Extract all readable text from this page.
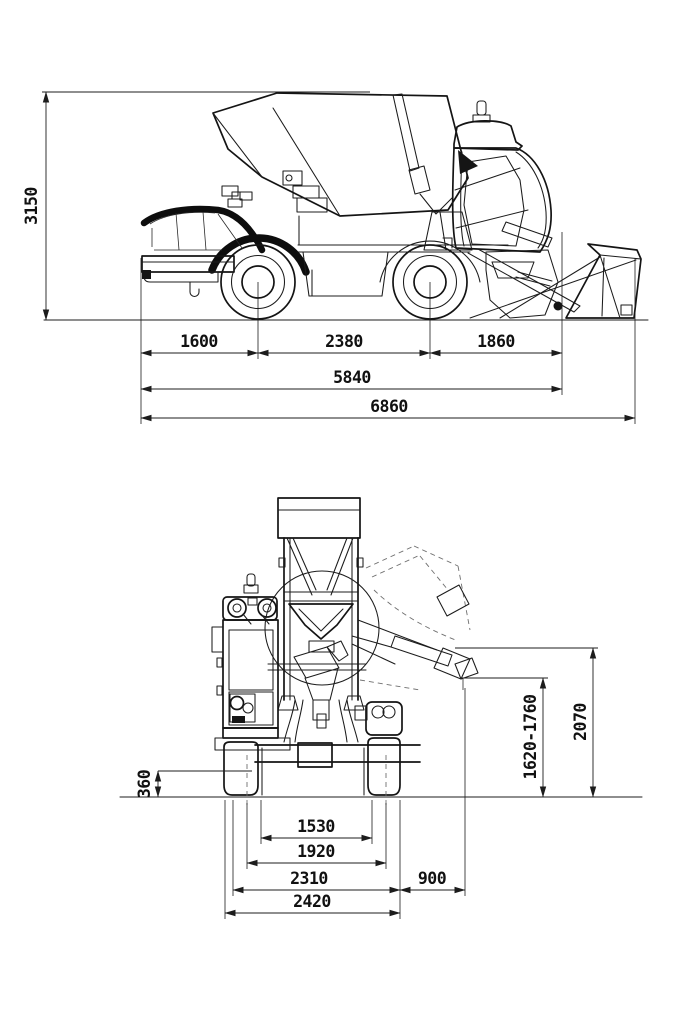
3150
1600	2380	1860
5840
6860
360
1530
1920
2310	900
2420
1620-1760 2070
